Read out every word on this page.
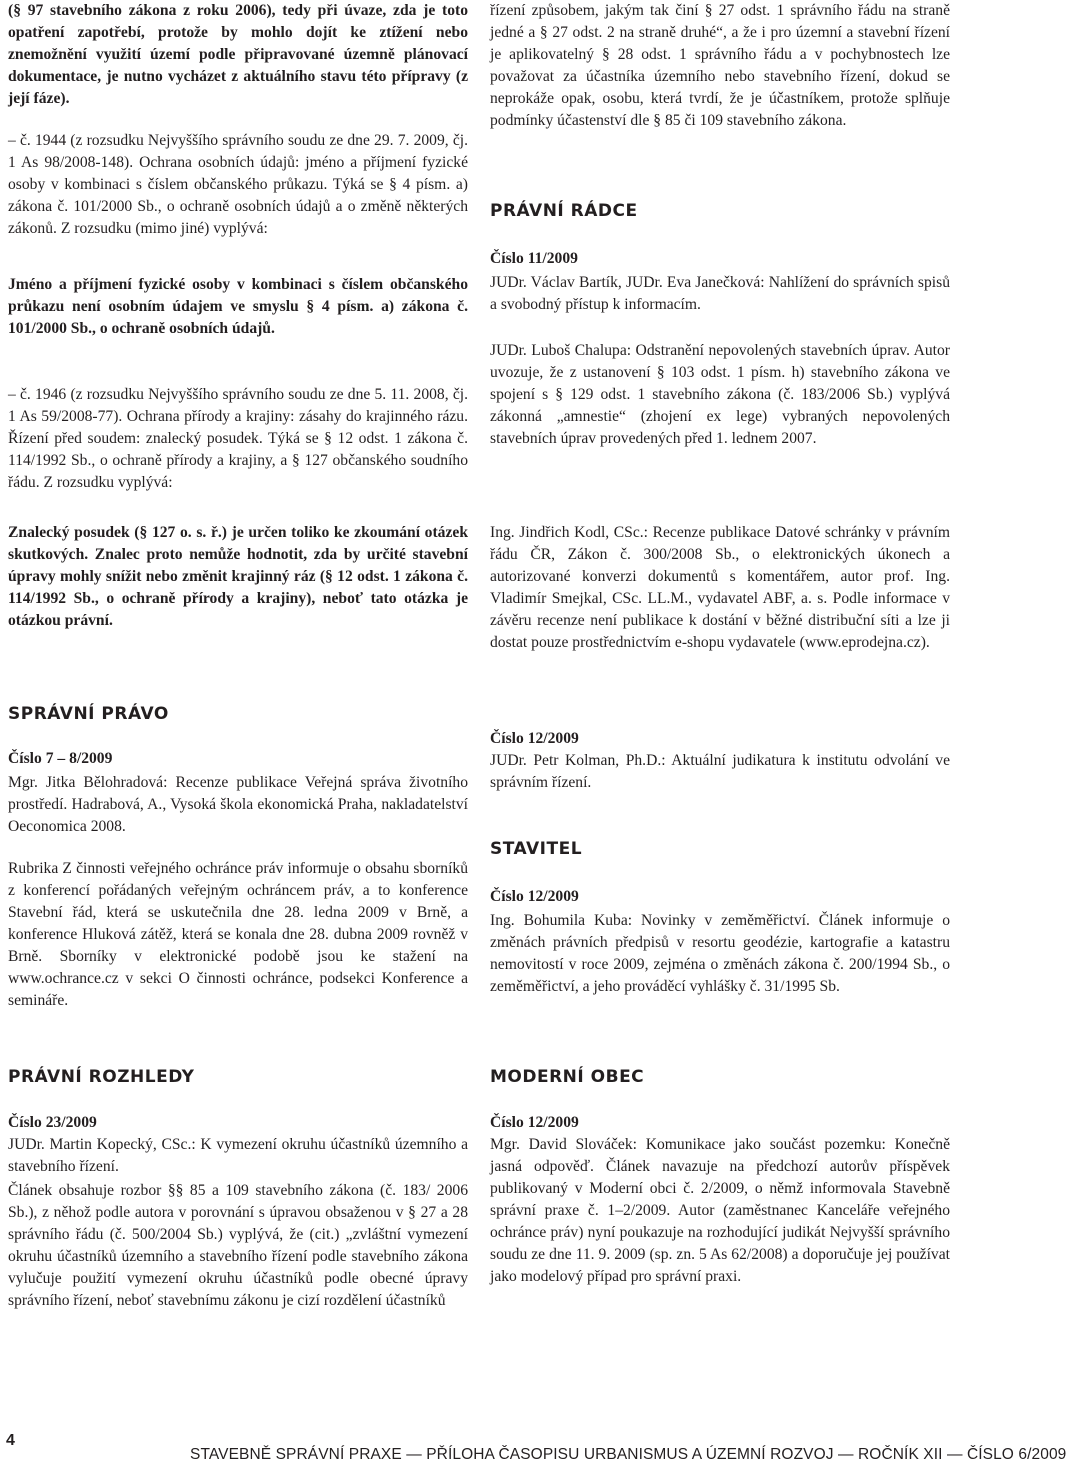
(§ 97 stavebního zákona z roku 2006), tedy při úvaze, zda je toto opatření zapotřebí, protože by mohlo dojít ke ztížení nebo znemožnění využití území podle připravované územně plánovací dokumentace, je nutno vycházet z aktuálního stavu této přípravy (z její fáze).
– č. 1944 (z rozsudku Nejvyššího správního soudu ze dne 29. 7. 2009, čj. 1 As 98/2008-148). Ochrana osobních údajů: jméno a příjmení fyzické osoby v kombinaci s číslem občanského průkazu. Týká se § 4 písm. a) zákona č. 101/2000 Sb., o ochraně osobních údajů a o změně některých zákonů. Z rozsudku (mimo jiné) vyplývá:
Jméno a příjmení fyzické osoby v kombinaci s číslem občanského průkazu není osobním údajem ve smyslu § 4 písm. a) zákona č. 101/2000 Sb., o ochraně osobních údajů.
– č. 1946 (z rozsudku Nejvyššího správního soudu ze dne 5. 11. 2008, čj. 1 As 59/2008-77). Ochrana přírody a krajiny: zásahy do krajinného rázu. Řízení před soudem: znalecký posudek. Týká se § 12 odst. 1 zákona č. 114/1992 Sb., o ochraně přírody a krajiny, a § 127 občanského soudního řádu. Z rozsudku vyplývá:
Znalecký posudek (§ 127 o. s. ř.) je určen toliko ke zkoumání otázek skutkových. Znalec proto nemůže hodnotit, zda by určité stavební úpravy mohly snížit nebo změnit krajinný ráz (§ 12 odst. 1 zákona č. 114/1992 Sb., o ochraně přírody a krajiny), neboť tato otázka je otázkou právní.
SPRÁVNÍ PRÁVO
Číslo 7 – 8/2009
Mgr. Jitka Bělohradová: Recenze publikace Veřejná správa životního prostředí. Hadrabová, A., Vysoká škola ekonomická Praha, nakladatelství Oeconomica 2008.
Rubrika Z činnosti veřejného ochránce práv informuje o obsahu sborníků z konferencí pořádaných veřejným ochráncem práv, a to konference Stavební řád, která se uskutečnila dne 28. ledna 2009 v Brně, a konference Hluková zátěž, která se konala dne 28. dubna 2009 rovněž v Brně. Sborníky v elektronické podobě jsou ke stažení na www.ochrance.cz v sekci O činnosti ochránce, podsekci Konference a semináře.
PRÁVNÍ ROZHLEDY
Číslo 23/2009
JUDr. Martin Kopecký, CSc.: K vymezení okruhu účastníků územního a stavebního řízení.
Článek obsahuje rozbor §§ 85 a 109 stavebního zákona (č. 183/ 2006 Sb.), z něhož podle autora v porovnání s úpravou obsaženou v § 27 a 28 správního řádu (č. 500/2004 Sb.) vyplývá, že (cit.) „zvláštní vymezení okruhu účastníků územního a stavebního řízení podle stavebního zákona vylučuje použití vymezení okruhu účastníků podle obecné úpravy správního řízení, neboť stavebnímu zákonu je cizí rozdělení účastníků
řízení způsobem, jakým tak činí § 27 odst. 1 správního řádu na straně jedné a § 27 odst. 2 na straně druhé“, a že i pro územní a stavební řízení je aplikovatelný § 28 odst. 1 správního řádu a v pochybnostech lze považovat za účastníka územního nebo stavebního řízení, dokud se neprokáže opak, osobu, která tvrdí, že je účastníkem, protože splňuje podmínky účastenství dle § 85 či 109 stavebního zákona.
PRÁVNÍ RÁDCE
Číslo 11/2009
JUDr. Václav Bartík, JUDr. Eva Janečková: Nahlížení do správních spisů a svobodný přístup k informacím.
JUDr. Luboš Chalupa: Odstranění nepovolených stavebních úprav. Autor uvozuje, že z ustanovení § 103 odst. 1 písm. h) stavebního zákona ve spojení s § 129 odst. 1 stavebního zákona (č. 183/2006 Sb.) vyplývá zákonná „amnestie“ (zhojení ex lege) vybraných nepovolených stavebních úprav provedených před 1. lednem 2007.
Ing. Jindřich Kodl, CSc.: Recenze publikace Datové schránky v právním řádu ČR, Zákon č. 300/2008 Sb., o elektronických úkonech a autorizované konverzi dokumentů s komentářem, autor prof. Ing. Vladimír Smejkal, CSc. LL.M., vydavatel ABF, a. s. Podle informace v závěru recenze není publikace k dostání v běžné distribuční síti a lze ji dostat pouze prostřednictvím e-shopu vydavatele (www.eprodejna.cz).
Číslo 12/2009
JUDr. Petr Kolman, Ph.D.: Aktuální judikatura k institutu odvolání ve správním řízení.
STAVITEL
Číslo 12/2009
Ing. Bohumila Kuba: Novinky v zeměměřictví. Článek informuje o změnách právních předpisů v resortu geodézie, kartografie a katastru nemovitostí v roce 2009, zejména o změnách zákona č. 200/1994 Sb., o zeměměřictví, a jeho prováděcí vyhlášky č. 31/1995 Sb.
MODERNÍ OBEC
Číslo 12/2009
Mgr. David Slováček: Komunikace jako součást pozemku: Konečně jasná odpověď. Článek navazuje na předchozí autorův příspěvek publikovaný v Moderní obci č. 2/2009, o němž informovala Stavebně správní praxe č. 1–2/2009. Autor (zaměstnanec Kanceláře veřejného ochránce práv) nyní poukazuje na rozhodující judikát Nejvyšší správního soudu ze dne 11. 9. 2009 (sp. zn. 5 As 62/2008) a doporučuje jej používat jako modelový případ pro správní praxi.
4
STAVEBNĚ SPRÁVNÍ PRAXE — PŘÍLOHA ČASOPISU URBANISMUS A ÚZEMNÍ ROZVOJ — ROČNÍK XII — ČÍSLO 6/2009
